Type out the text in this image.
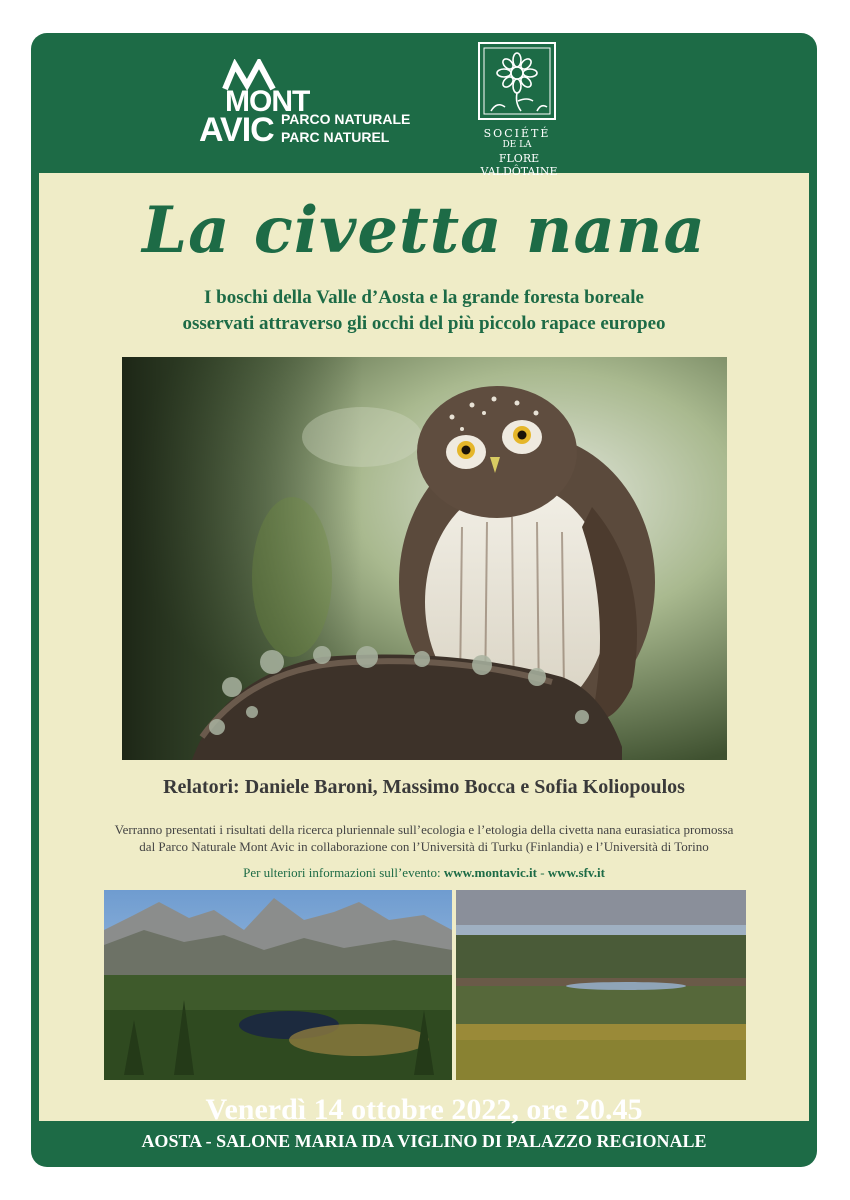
MONT
AVIC PARCO NATURALE
PARC NATUREL	SOCIÉTÉ
DE LA
FLORE VALDÔTAINE
La civetta nana
I boschi della Valle d’Aosta e la grande foresta boreale
osservati attraverso gli occhi del più piccolo rapace europeo
Relatori: Daniele Baroni, Massimo Bocca e Sofia Koliopoulos
Verranno presentati i risultati della ricerca pluriennale sull’ecologia e l’etologia della civetta nana eurasiatica promossa
dal Parco Naturale Mont Avic in collaborazione con l’Università di Turku (Finlandia) e l’Università di Torino
Per ulteriori informazioni sull’evento: www.montavic.it - www.sfv.it
Venerdì 14 ottobre 2022, ore 20.45
AOSTA - SALONE MARIA IDA VIGLINO DI PALAZZO REGIONALE
